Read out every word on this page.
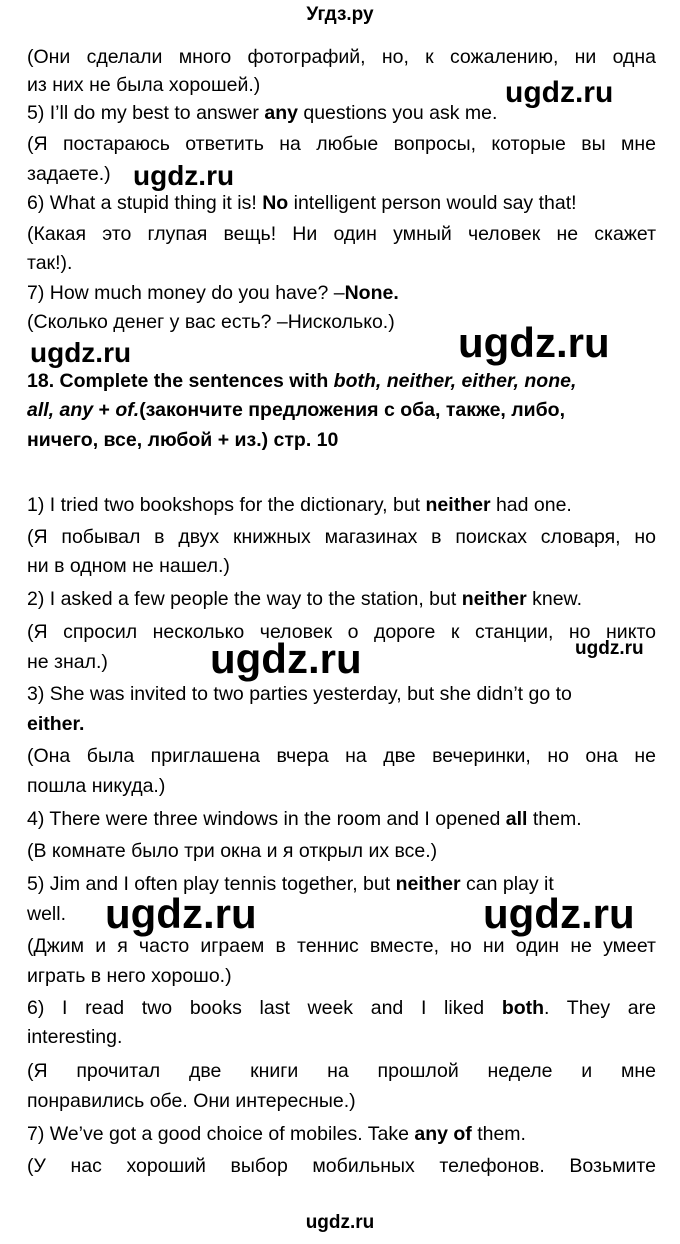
Угдз.ру
(Они сделали много фотографий, но, к сожалению, ни одна
из них не была хорошей.)
5) I’ll do my best to answer any questions you ask me.
(Я постараюсь ответить на любые вопросы, которые вы мне
задаете.)
6) What a stupid thing it is! No intelligent person would say that!
(Какая это глупая вещь! Ни один умный человек не скажет
так!).
7) How much money do you have? –None.
(Сколько денег у вас есть? –Нисколько.)
18. Complete the sentences with both, neither, either, none,
all, any + of.(закончите предложения с оба, также, либо,
ничего, все, любой + из.) стр. 10
1) I tried two bookshops for the dictionary, but neither had one.
(Я побывал в двух книжных магазинах в поисках словаря, но
ни в одном не нашел.)
2) I asked a few people the way to the station, but neither knew.
(Я спросил несколько человек о дороге к станции, но никто
не знал.)
3) She was invited to two parties yesterday, but she didn’t go to
either.
(Она была приглашена вчера на две вечеринки, но она не
пошла никуда.)
4) There were three windows in the room and I opened all them.
(В комнате было три окна и я открыл их все.)
5) Jim and I often play tennis together, but neither can play it
well.
(Джим и я часто играем в теннис вместе, но ни один не умеет
играть в него хорошо.)
6) I read two books last week and I liked both. They are
interesting.
(Я прочитал две книги на прошлой неделе и мне
понравились обе. Они интересные.)
7) We’ve got a good choice of mobiles. Take any of them.
(У нас хороший выбор мобильных телефонов. Возьмите
ugdz.ru
ugdz.ru
ugdz.ru
ugdz.ru
ugdz.ru	ugdz.ru
ugdz.ru	ugdz.ru
ugdz.ru
